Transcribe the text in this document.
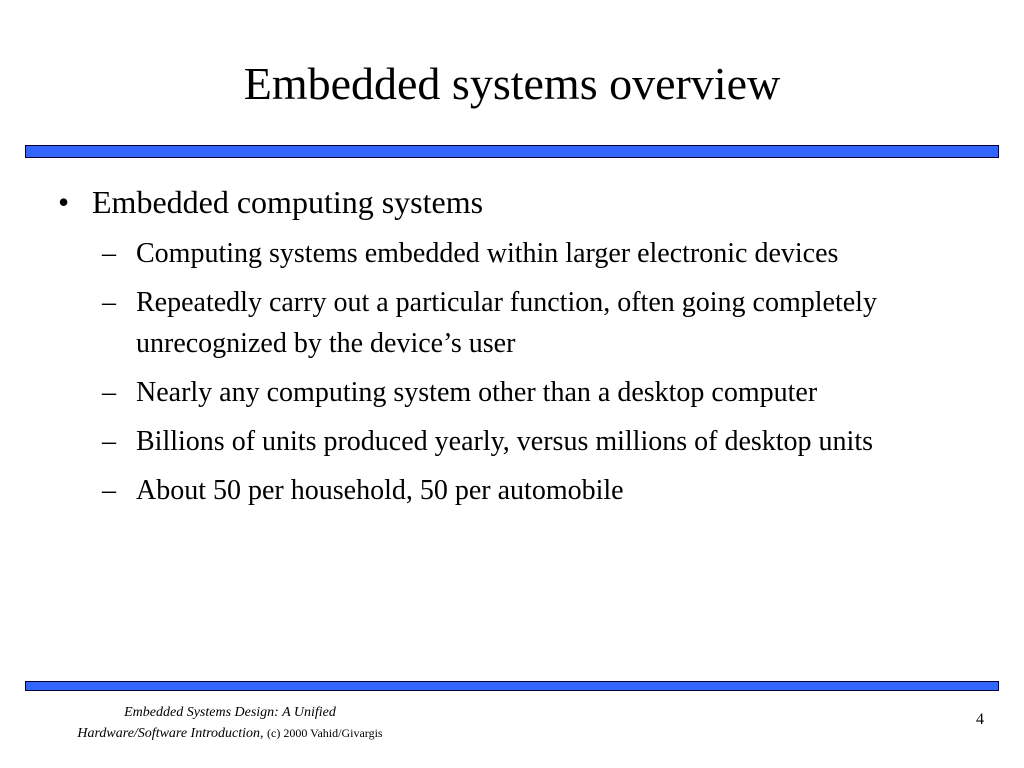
Embedded systems overview
• Embedded computing systems
– Computing systems embedded within larger electronic devices
– Repeatedly carry out a particular function, often going completely unrecognized by the device’s user
– Nearly any computing system other than a desktop computer
– Billions of units produced yearly, versus millions of desktop units
– About 50 per household, 50 per automobile
Embedded Systems Design: A Unified
Hardware/Software Introduction, (c) 2000 Vahid/Givargis
4
